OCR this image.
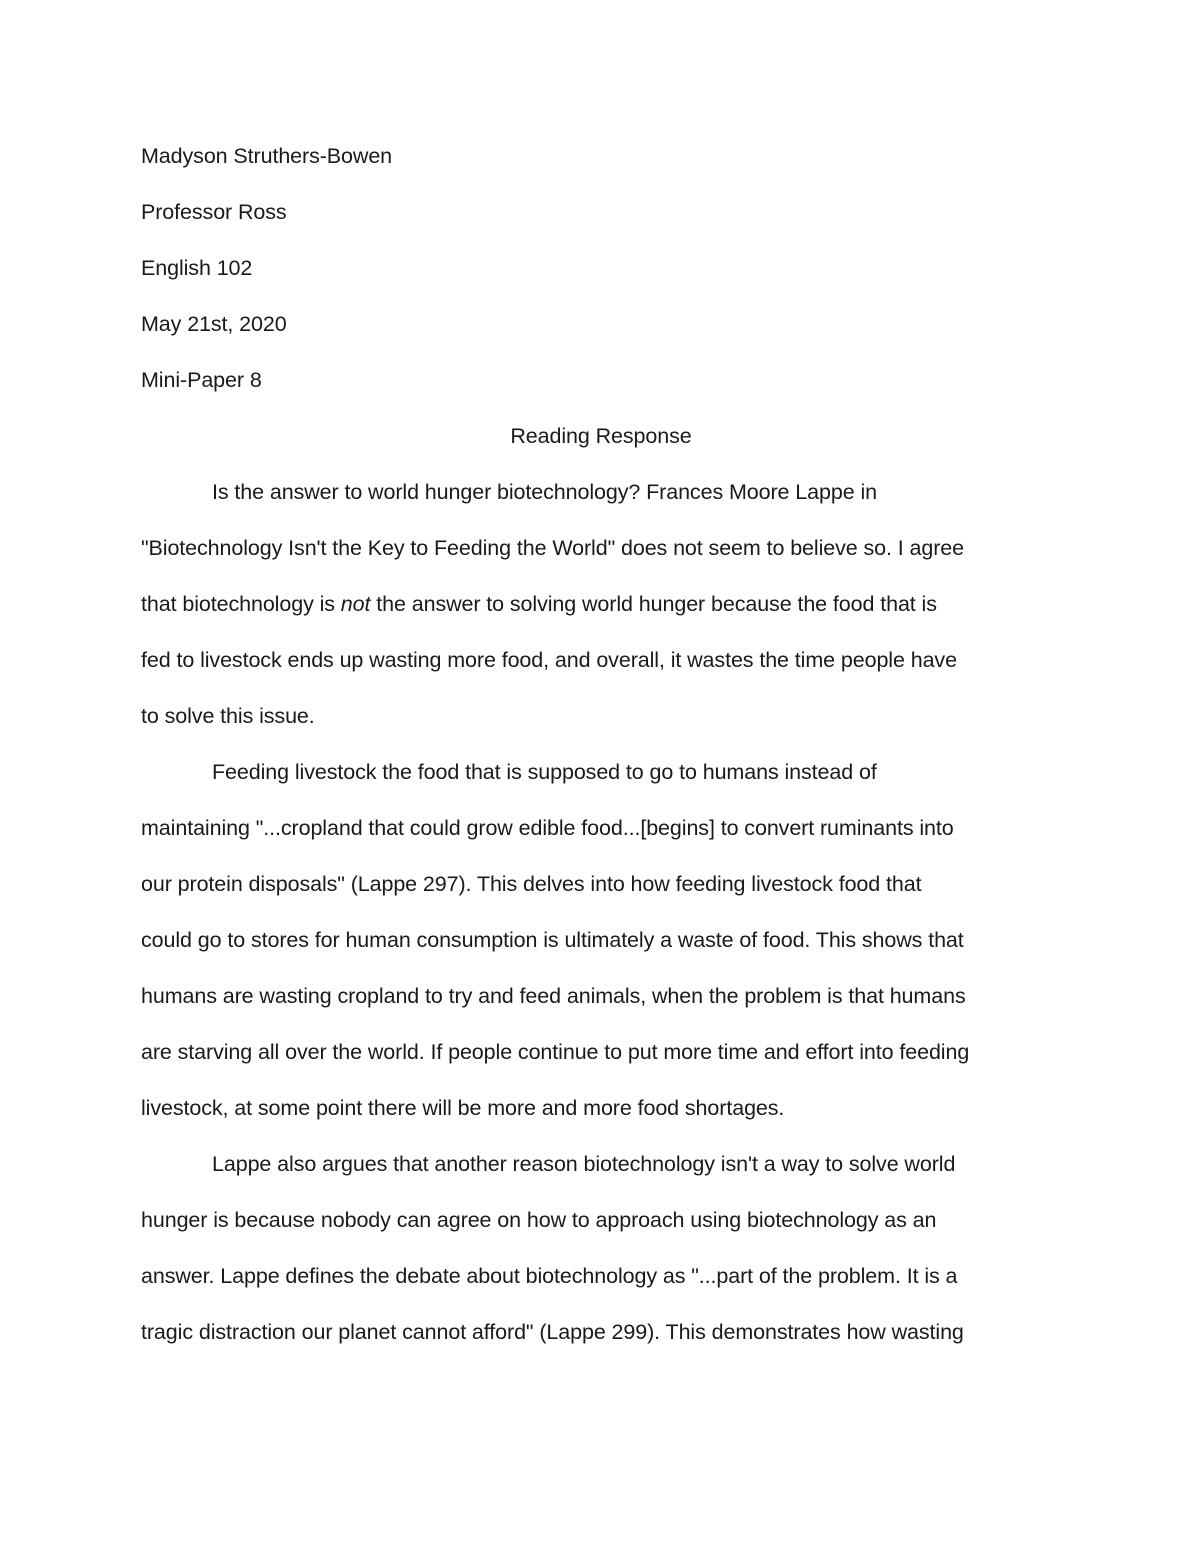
Madyson Struthers-Bowen
Professor Ross
English 102
May 21st, 2020
Mini-Paper 8
Reading Response
Is the answer to world hunger biotechnology? Frances Moore Lappe in
"Biotechnology Isn't the Key to Feeding the World" does not seem to believe so. I agree
that biotechnology is not the answer to solving world hunger because the food that is
fed to livestock ends up wasting more food, and overall, it wastes the time people have
to solve this issue.
Feeding livestock the food that is supposed to go to humans instead of
maintaining "...cropland that could grow edible food...[begins] to convert ruminants into
our protein disposals" (Lappe 297). This delves into how feeding livestock food that
could go to stores for human consumption is ultimately a waste of food. This shows that
humans are wasting cropland to try and feed animals, when the problem is that humans
are starving all over the world. If people continue to put more time and effort into feeding
livestock, at some point there will be more and more food shortages.
Lappe also argues that another reason biotechnology isn't a way to solve world
hunger is because nobody can agree on how to approach using biotechnology as an
answer. Lappe defines the debate about biotechnology as "...part of the problem. It is a
tragic distraction our planet cannot afford" (Lappe 299). This demonstrates how wasting
